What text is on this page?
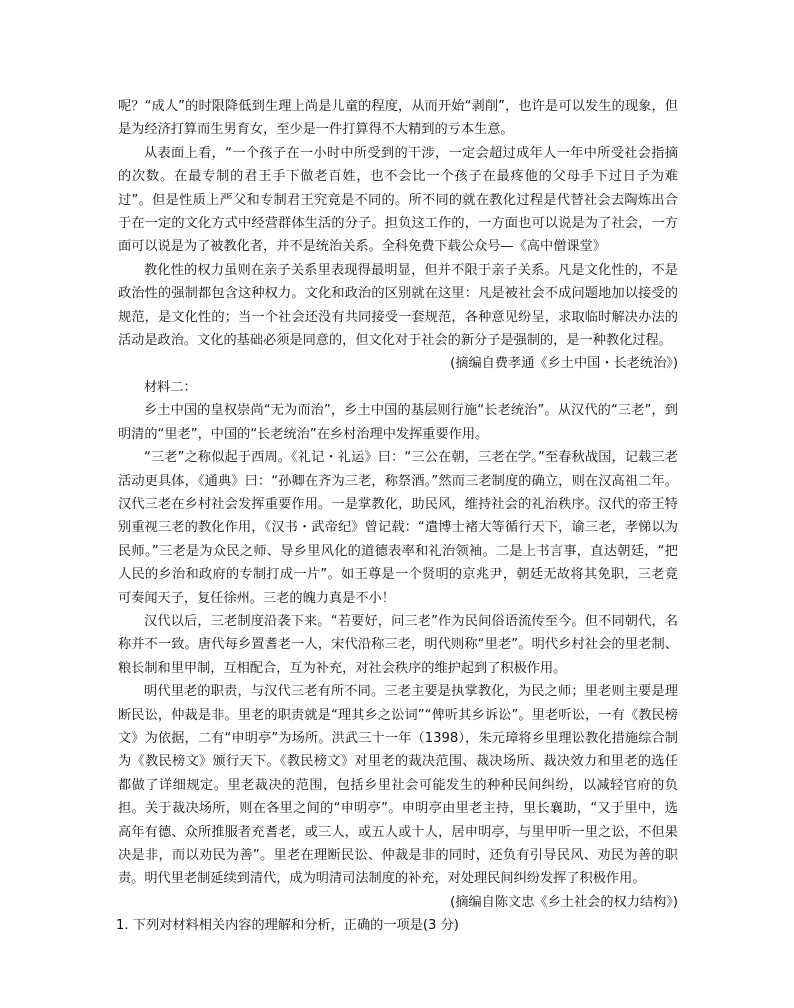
呢？“成人”的时限降低到生理上尚是儿童的程度，从而开始“剥削”，也许是可以发生的现象，但是为经济打算而生男育女，至少是一件打算得不大精到的亏本生意。

从表面上看，“一个孩子在一小时中所受到的干涉，一定会超过成年人一年中所受社会指摘的次数。在最专制的君王手下做老百姓，也不会比一个孩子在最疼他的父母手下过日子为难过”。但是性质上严父和专制君王究竟是不同的。所不同的就在教化过程是代替社会去陶炼出合于在一定的文化方式中经营群体生活的分子。担负这工作的，一方面也可以说是为了社会，一方面可以说是为了被教化者，并不是统治关系。全科免费下载公众号—《高中僧课堂》

教化性的权力虽则在亲子关系里表现得最明显，但并不限于亲子关系。凡是文化性的，不是政治性的强制都包含这种权力。文化和政治的区别就在这里：凡是被社会不成问题地加以接受的规范，是文化性的；当一个社会还没有共同接受一套规范，各种意见纷呈，求取临时解决办法的活动是政治。文化的基础必须是同意的，但文化对于社会的新分子是强制的，是一种教化过程。

(摘编自费孝通《乡土中国・长老统治》)

材料二：

乡土中国的皇权崇尚“无为而治”，乡土中国的基层则行施“长老统治”。从汉代的“三老”，到明清的“里老”，中国的“长老统治”在乡村治理中发挥重要作用。

“三老”之称似起于西周。《礼记・礼运》曰：“三公在朝，三老在学。”至春秋战国，记载三老活动更具体，《通典》曰：“孙卿在齐为三老，称祭酒。”然而三老制度的确立，则在汉高祖二年。汉代三老在乡村社会发挥重要作用。一是掌教化，助民风，维持社会的礼治秩序。汉代的帝王特别重视三老的教化作用，《汉书・武帝纪》曾记载：“遣博士褚大等循行天下，谕三老，孝悌以为民师。”三老是为众民之师、导乡里风化的道德表率和礼治领袖。二是上书言事，直达朝廷，“把人民的乡治和政府的专制打成一片”。如王尊是一个贤明的京兆尹，朝廷无故将其免职，三老竟可奏闻天子，复任徐州。三老的魄力真是不小！

汉代以后，三老制度沿袭下来。“若要好，问三老”作为民间俗语流传至今。但不同朝代，名称并不一致。唐代每乡置耆老一人，宋代沿称三老，明代则称“里老”。明代乡村社会的里老制、粮长制和里甲制，互相配合，互为补充，对社会秩序的维护起到了积极作用。

明代里老的职责，与汉代三老有所不同。三老主要是执掌教化，为民之师；里老则主要是理断民讼，仲裁是非。里老的职责就是“理其乡之讼词”“俾听其乡诉讼”。里老听讼，一有《教民榜文》为依据，二有“申明亭”为场所。洪武三十一年（1398），朱元璋将乡里理讼教化措施综合制为《教民榜文》颁行天下。《教民榜文》对里老的裁决范围、裁决场所、裁决效力和里老的选任都做了详细规定。里老裁决的范围，包括乡里社会可能发生的种种民间纠纷，以减轻官府的负担。关于裁决场所，则在各里之间的“申明亭”。申明亭由里老主持，里长襄助，“又于里中，选高年有德、众所推服者充耆老，或三人，或五人或十人，居申明亭，与里甲听一里之讼，不但果决是非，而以劝民为善”。里老在理断民讼、仲裁是非的同时，还负有引导民风、劝民为善的职责。明代里老制延续到清代，成为明清司法制度的补充，对处理民间纠纷发挥了积极作用。

(摘编自陈文忠《乡土社会的权力结构》)

1. 下列对材料相关内容的理解和分析，正确的一项是(3 分)
